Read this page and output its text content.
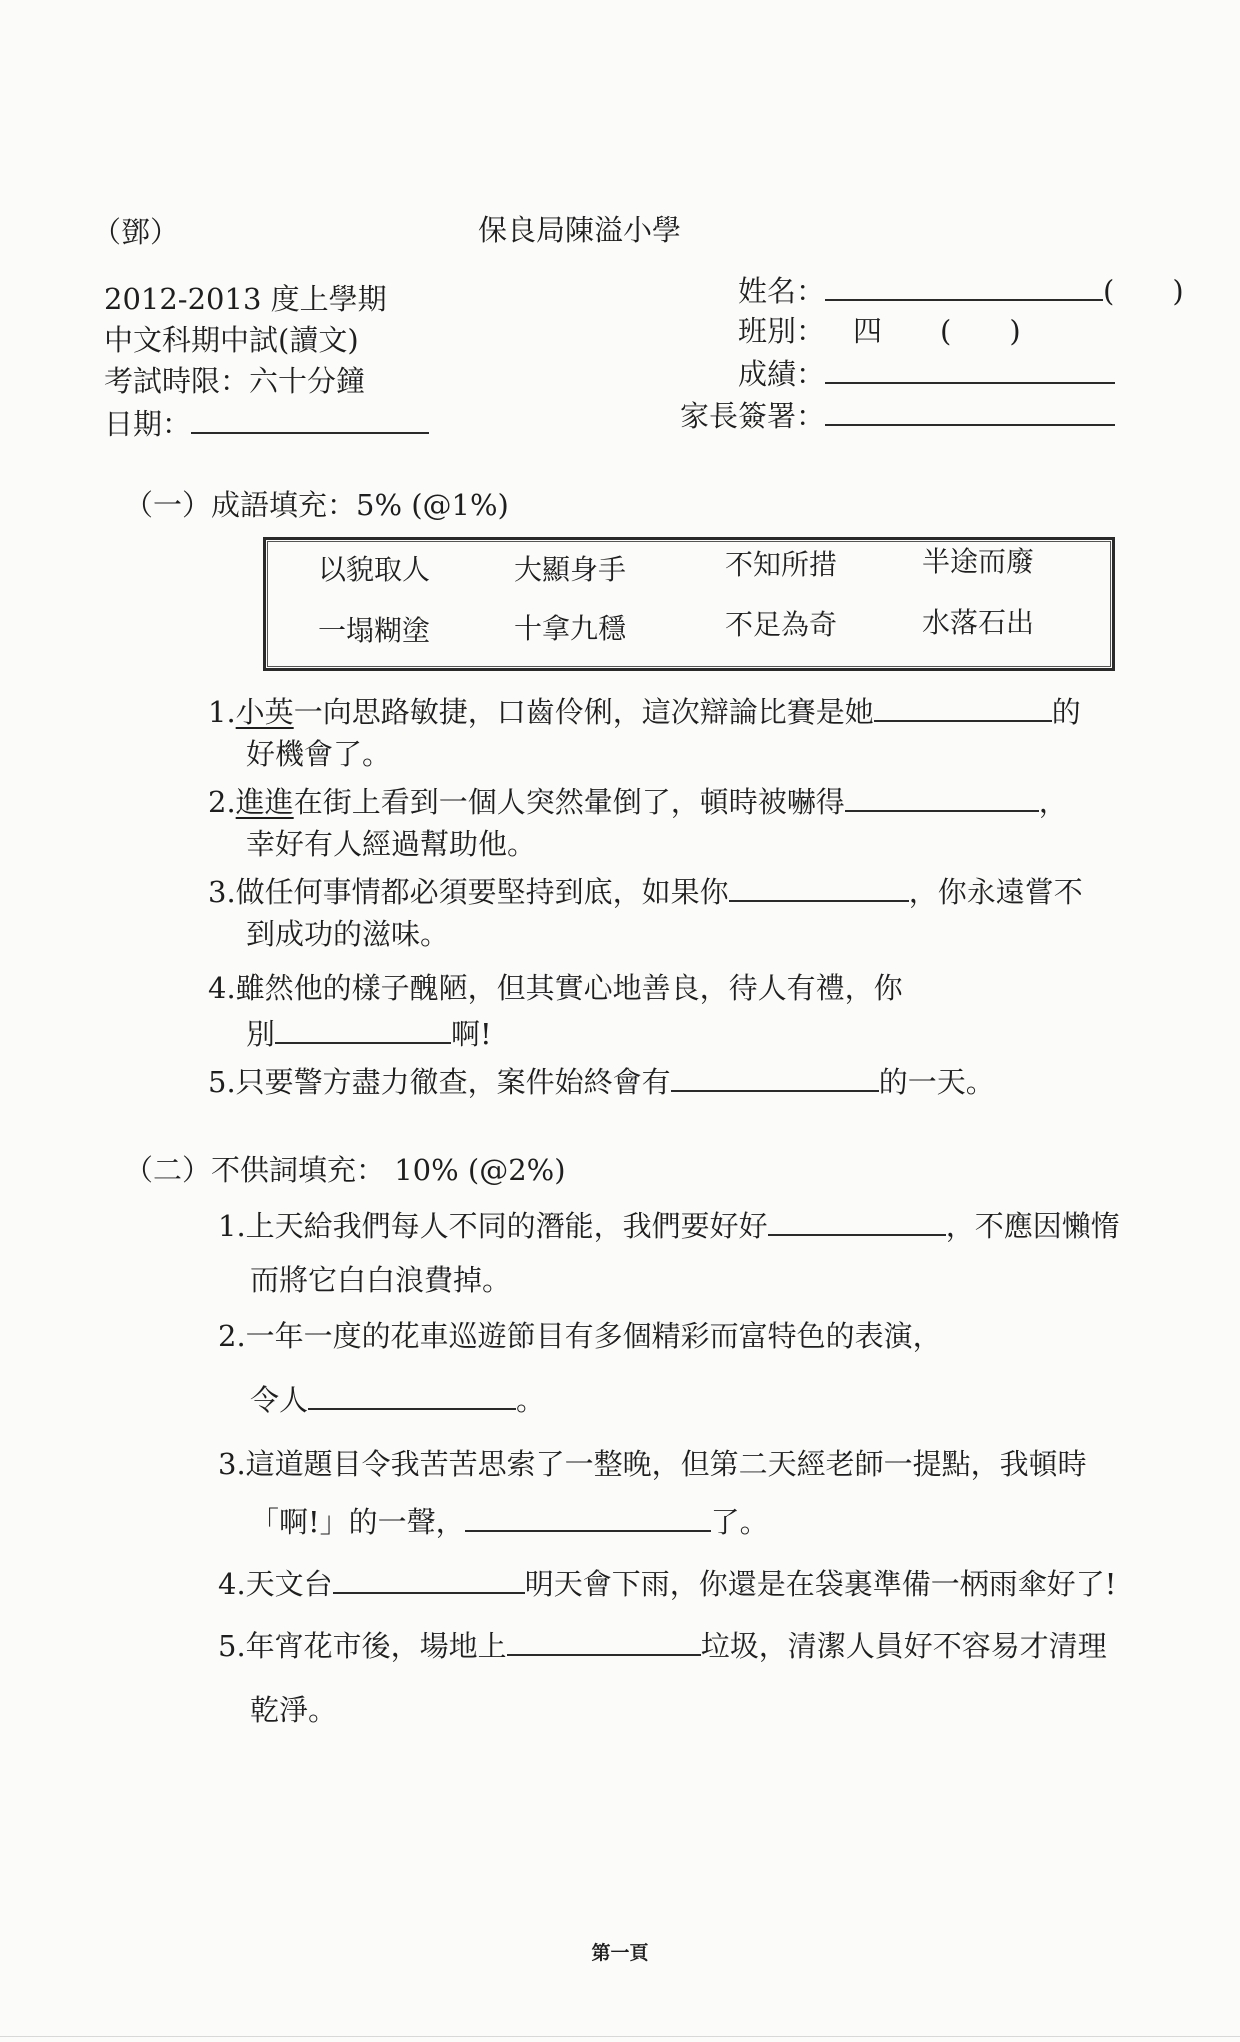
（鄧）	保良局陳溢小學
2012-2013 度上學期
中文科期中試(讀文)
考試時限：六十分鐘
日期：
姓名：	(　　)
班別： 四　　(　　)
成績：
家長簽署：
（一）成語填充：5% (@1%)
以貌取人	大顯身手	不知所措	半途而廢
一塌糊塗	十拿九穩	不足為奇	水落石出
1.小英一向思路敏捷，口齒伶俐，這次辯論比賽是她	的
好機會了。
2.進進在街上看到一個人突然暈倒了，頓時被嚇得	，
幸好有人經過幫助他。
3.做任何事情都必須要堅持到底，如果你	，你永遠嘗不
到成功的滋味。
4.雖然他的樣子醜陋，但其實心地善良，待人有禮，你
別	啊!
5.只要警方盡力徹查，案件始終會有	的一天。
（二）不供詞填充： 10% (@2%)
1.上天給我們每人不同的潛能，我們要好好	，不應因懶惰
而將它白白浪費掉。
2.一年一度的花車巡遊節目有多個精彩而富特色的表演，
令人	。
3.這道題目令我苦苦思索了一整晚，但第二天經老師一提點，我頓時
「啊!」的一聲，	了。
4.天文台	明天會下雨，你還是在袋裏準備一柄雨傘好了!
5.年宵花市後，場地上	垃圾，清潔人員好不容易才清理
乾淨。
第一頁
